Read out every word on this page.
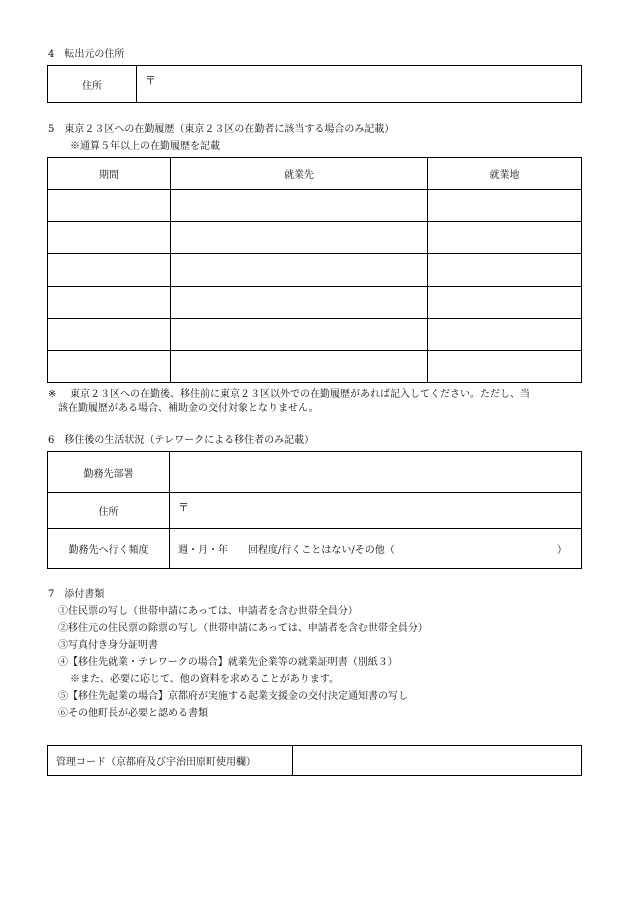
4　転出元の住所
住所	〒
5　東京２３区への在勤履歴（東京２３区の在勤者に該当する場合のみ記載）
※通算５年以上の在勤履歴を記載
期間	就業先	就業地

※ 東京２３区への在勤後、移住前に東京２３区以外での在勤履歴があれば記入してください。ただし、当
該在勤履歴がある場合、補助金の交付対象となりません。
6　移住後の生活状況（テレワークによる移住者のみ記載）
勤務先部署	
住所	〒
勤務先へ行く頻度	週・月・年　　回程度/行くことはない/その他（ ）
7　添付書類
①住民票の写し（世帯申請にあっては、申請者を含む世帯全員分）
②移住元の住民票の除票の写し（世帯申請にあっては、申請者を含む世帯全員分）
③写真付き身分証明書
④【移住先就業・テレワークの場合】就業先企業等の就業証明書（別紙３）
※また、必要に応じて、他の資料を求めることがあります。
⑤【移住先起業の場合】京都府が実施する起業支援金の交付決定通知書の写し
⑥その他町長が必要と認める書類
管理コード（京都府及び宇治田原町使用欄）	
